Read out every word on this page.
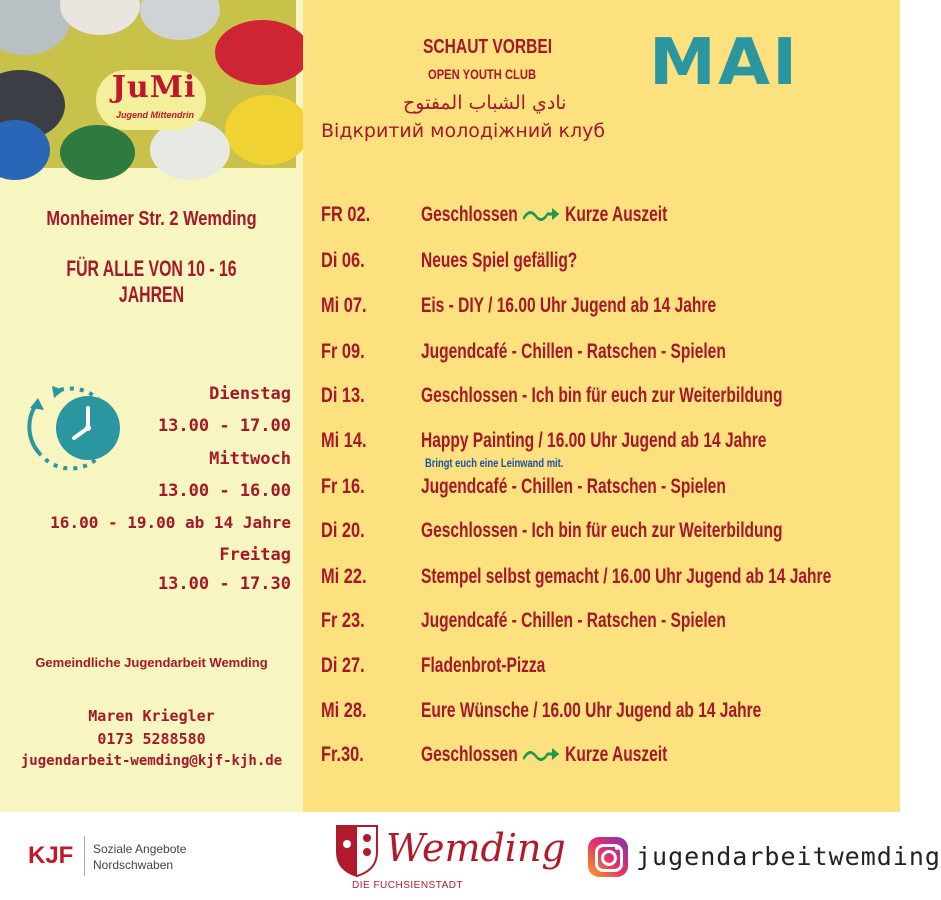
JuMi
Jugend Mittendrin
Monheimer Str. 2 Wemding
FÜR ALLE VON 10 - 16 JAHREN
Dienstag
13.00 - 17.00
Mittwoch
13.00 - 16.00
16.00 - 19.00 ab 14 Jahre
Freitag
13.00 - 17.30
Gemeindliche Jugendarbeit Wemding
Maren Kriegler
0173 5288580
jugendarbeit-wemding@kjf-kjh.de
SCHAUT VORBEI
OPEN YOUTH CLUB
نادي الشباب المفتوح
Відкритий молодіжний клуб
MAI
FR 02. Geschlossen Kurze Auszeit
Di 06.	Neues Spiel gefällig?
Mi 07.	Eis - DIY / 16.00 Uhr Jugend ab 14 Jahre
Fr 09.	Jugendcafé - Chillen - Ratschen - Spielen
Di 13.	Geschlossen - Ich bin für euch zur Weiterbildung
Mi 14.	Happy Painting / 16.00 Uhr Jugend ab 14 Jahre
Bringt euch eine Leinwand mit.
Fr 16.	Jugendcafé - Chillen - Ratschen - Spielen
Di 20.	Geschlossen - Ich bin für euch zur Weiterbildung
Mi 22.	Stempel selbst gemacht / 16.00 Uhr Jugend ab 14 Jahre
Fr 23.	Jugendcafé - Chillen - Ratschen - Spielen
Di 27.	Fladenbrot-Pizza
Mi 28.	Eure Wünsche / 16.00 Uhr Jugend ab 14 Jahre
Fr.30.	Geschlossen Kurze Auszeit
KJF Soziale Angebote
Nordschwaben	Wemding
DIE FUCHSIENSTADT
jugendarbeitwemding
